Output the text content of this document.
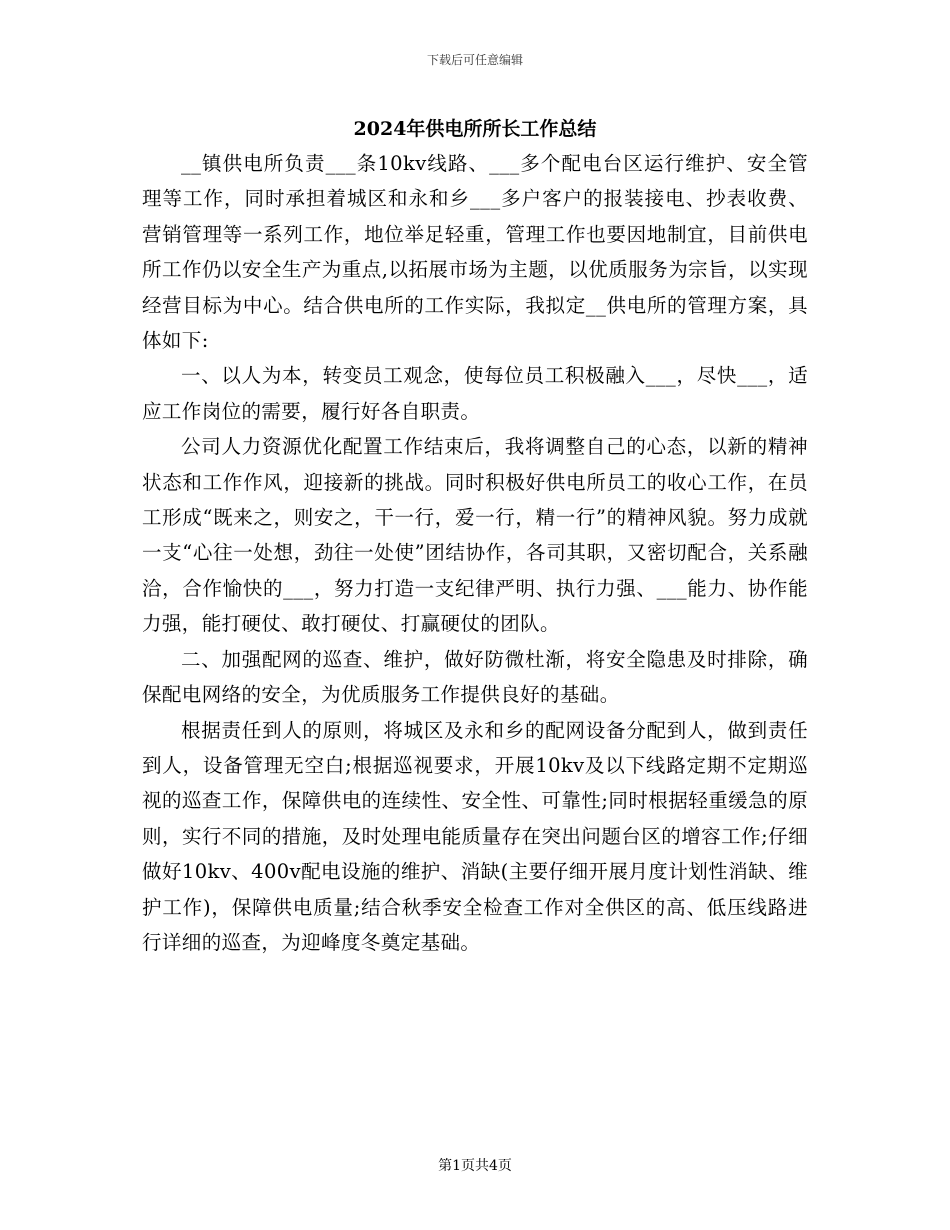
下载后可任意编辑
2024年供电所所长工作总结

__镇供电所负责___条10kv线路、___多个配电台区运行维护、安全管理等工作，同时承担着城区和永和乡___多户客户的报装接电、抄表收费、营销管理等一系列工作，地位举足轻重，管理工作也要因地制宜，目前供电所工作仍以安全生产为重点,以拓展市场为主题，以优质服务为宗旨，以实现经营目标为中心。结合供电所的工作实际，我拟定__供电所的管理方案，具体如下:

一、以人为本，转变员工观念，使每位员工积极融入___，尽快___，适应工作岗位的需要，履行好各自职责。

公司人力资源优化配置工作结束后，我将调整自己的心态，以新的精神状态和工作作风，迎接新的挑战。同时积极好供电所员工的收心工作，在员工形成“既来之，则安之，干一行，爱一行，精一行”的精神风貌。努力成就一支“心往一处想，劲往一处使”团结协作，各司其职，又密切配合，关系融洽，合作愉快的___，努力打造一支纪律严明、执行力强、___能力、协作能力强，能打硬仗、敢打硬仗、打赢硬仗的团队。

二、加强配网的巡查、维护，做好防微杜渐，将安全隐患及时排除，确保配电网络的安全，为优质服务工作提供良好的基础。

根据责任到人的原则，将城区及永和乡的配网设备分配到人，做到责任到人，设备管理无空白;根据巡视要求，开展10kv及以下线路定期不定期巡视的巡查工作，保障供电的连续性、安全性、可靠性;同时根据轻重缓急的原则，实行不同的措施，及时处理电能质量存在突出问题台区的增容工作;仔细做好10kv、400v配电设施的维护、消缺(主要仔细开展月度计划性消缺、维护工作)，保障供电质量;结合秋季安全检查工作对全供区的高、低压线路进行详细的巡查，为迎峰度冬奠定基础。

第1页共4页
